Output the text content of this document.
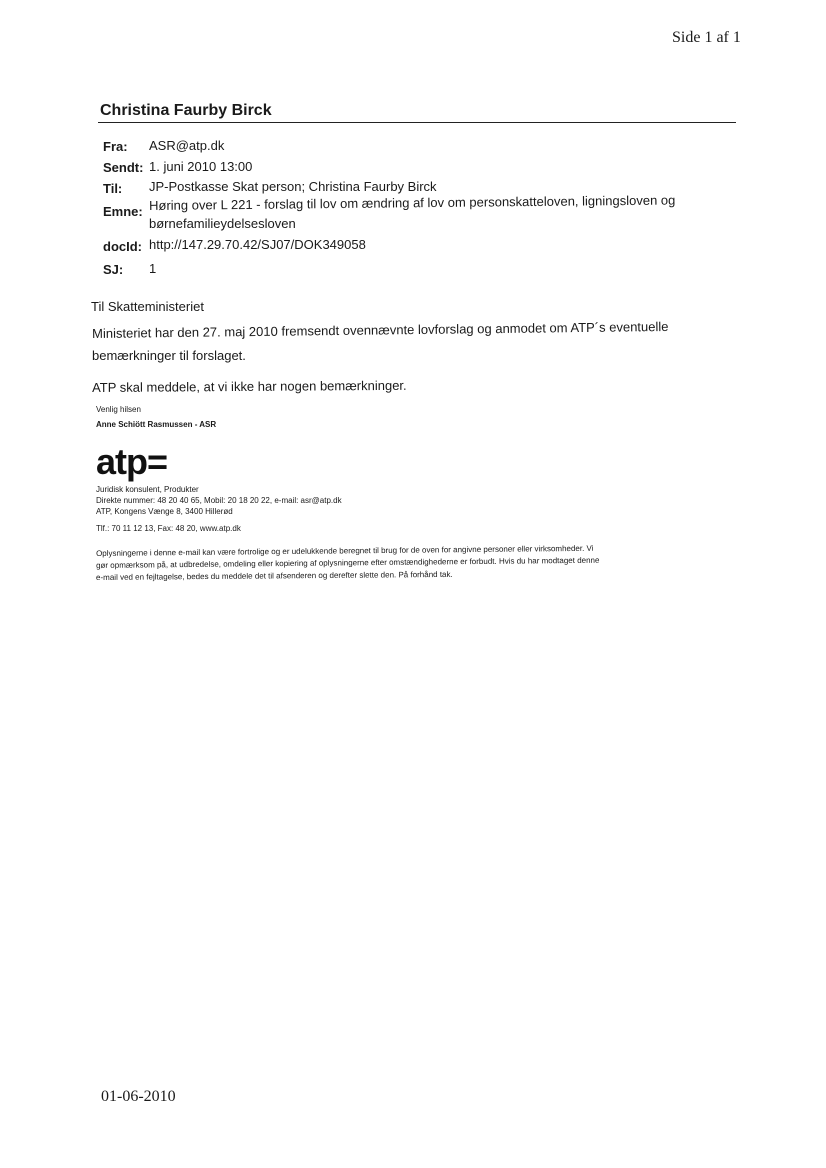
Side 1 af 1
Christina Faurby Birck
Fra: ASR@atp.dk
Sendt: 1. juni 2010 13:00
Til: JP-Postkasse Skat person; Christina Faurby Birck
Emne: Høring over L 221 - forslag til lov om ændring af lov om personskatteloven, ligningsloven og
børnefamilieydelsesloven
docId: http://147.29.70.42/SJ07/DOK349058
SJ: 1
Til Skatteministeriet
Ministeriet har den 27. maj 2010 fremsendt ovennævnte lovforslag og anmodet om ATP´s eventuelle
bemærkninger til forslaget.
ATP skal meddele, at vi ikke har nogen bemærkninger.
Venlig hilsen
Anne Schiött Rasmussen - ASR
atp=
Juridisk konsulent, Produkter
Direkte nummer: 48 20 40 65, Mobil: 20 18 20 22, e-mail: asr@atp.dk
ATP, Kongens Vænge 8, 3400 Hillerød
Tlf.: 70 11 12 13, Fax: 48 20, www.atp.dk
Oplysningerne i denne e-mail kan være fortrolige og er udelukkende beregnet til brug for de oven for angivne personer eller virksomheder. Vi
gør opmærksom på, at udbredelse, omdeling eller kopiering af oplysningerne efter omstændighederne er forbudt. Hvis du har modtaget denne
e-mail ved en fejltagelse, bedes du meddele det til afsenderen og derefter slette den. På forhånd tak.
01-06-2010
